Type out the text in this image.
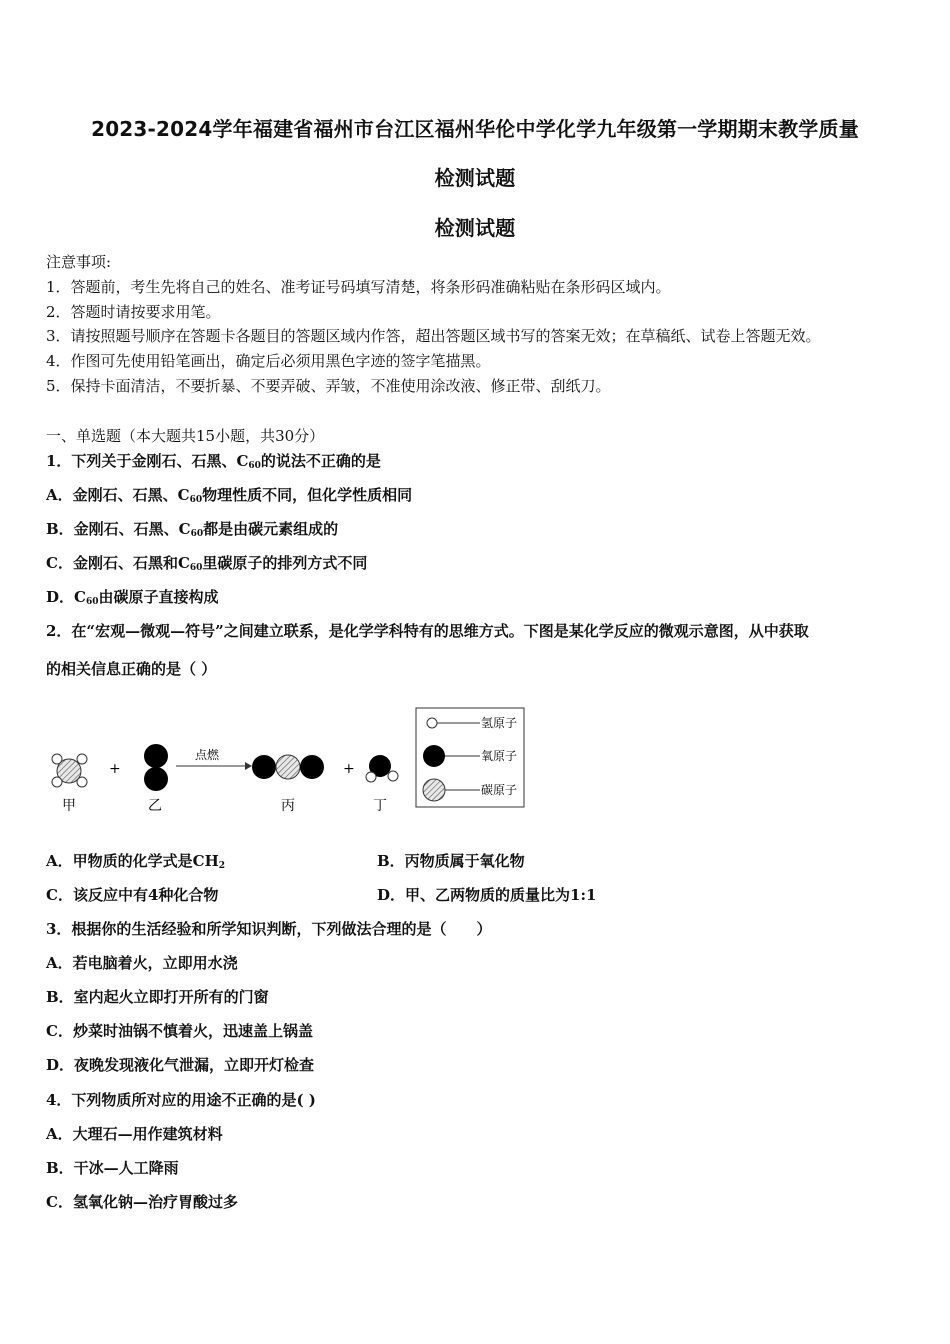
2023-2024学年福建省福州市台江区福州华伦中学化学九年级第一学期期末教学质量
检测试题
检测试题
注意事项:
1．答题前，考生先将自己的姓名、准考证号码填写清楚，将条形码准确粘贴在条形码区域内。
2．答题时请按要求用笔。
3．请按照题号顺序在答题卡各题目的答题区域内作答，超出答题区域书写的答案无效；在草稿纸、试卷上答题无效。
4．作图可先使用铅笔画出，确定后必须用黑色字迹的签字笔描黑。
5．保持卡面清洁，不要折暴、不要弄破、弄皱，不准使用涂改液、修正带、刮纸刀。
一、单选题（本大题共15小题，共30分）
1．下列关于金刚石、石黑、$C_{60}$的说法不正确的是
A．金刚石、石黑、$C_{60}$物理性质不同，但化学性质相同
B．金刚石、石黑、$C_{60}$都是由碳元素组成的
C．金刚石、石黑和$C_{60}$里碳原子的排列方式不同
D．$C_{60}$由碳原子直接构成
2．在“宏观—微观—符号”之间建立联系，是化学学科特有的思维方式。下图是某化学反应的微观示意图，从中获取
的相关信息正确的是（ ）
甲
+
乙
点燃
丙
+
丁
氢原子
氧原子
碳原子
A．甲物质的化学式是$CH_2$	B．丙物质属于氧化物
C．该反应中有4种化合物	D．甲、乙两物质的质量比为1:1
3．根据你的生活经验和所学知识判断，下列做法合理的是（　　）
A．若电脑着火，立即用水浇
B．室内起火立即打开所有的门窗
C．炒菜时油锅不慎着火，迅速盖上锅盖
D．夜晚发现液化气泄漏，立即开灯检查
4．下列物质所对应的用途不正确的是( )
A．大理石—用作建筑材料
B．干冰—人工降雨
C．氢氧化钠—治疗胃酸过多
